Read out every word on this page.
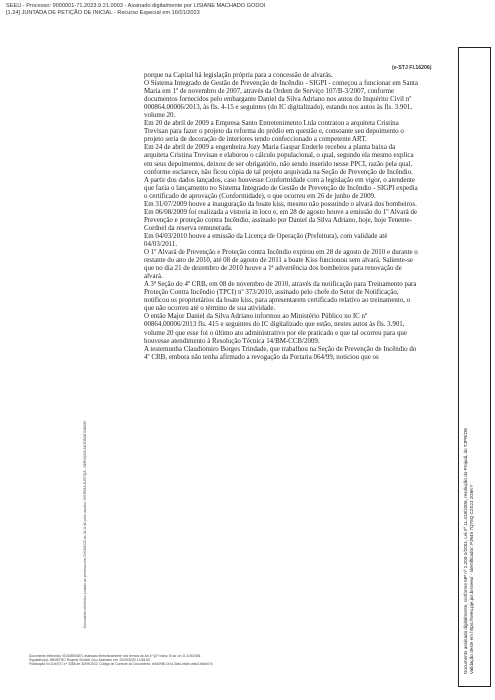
SEEU - Processo: 9000001-71.2023.9.21.0003 - Assinado digitalmente por LISIANE MACHADO GODOI
[1.24] JUNTADA DE PETIÇÃO DE INICIAL - Recurso Especial em 16/01/2023
(e-STJ Fl.16206)

porque na Capital há legislação própria para a concessão de alvarás.

O Sistema Integrado de Gestão de Prevenção de Incêndio - SIGPI - começou a funcionar em Santa Maria em 1º de novembro de 2007, através da Ordem de Serviço 107/B-3/2007, conforme documentos fornecidos pelo embargante Daniel da Silva Adriano nos autos do Inquérito Civil nº 000864.00006/2013, às fls. 4-15 e seguintes (do IC digitalizado), estando nos autos às fls. 3.901, volume 20.

Em 20 de abril de 2009 a Empresa Santo Entretenimento Ltda contratou a arquiteta Cristina Trevisan para fazer o projeto da reforma do prédio em questão e, consoante seu depoimento o projeto seria de decoração de interiores tendo confeccionado a competente ART.

Em 24 de abril de 2009 a engenheira Jozy Maria Gaspar Enderle recebeu a planta baixa da arquiteta Cristina Trevisan e elaborou o cálculo populacional, o qual, segundo ela mesmo explica em seus depoimentos, deixou de ser obrigatório, não sendo inserido nesse PPCI, razão pela qual, conforme esclarece, não ficou cópia de tal projeto arquivada na Seção de Prevenção de Incêndio.

A partir dos dados lançados, caso houvesse Conformidade com a legislação em vigor, o atendente que fazia o lançamento no Sistema Integrado de Gestão de Prevenção de Incêndio - SIGPI expedia o certificado de aprovação (Conformidade), o que ocorreu em 26 de junho de 2009.

Em 31/07/2009 houve a inauguração da boate kiss, mesmo não possuindo o alvará dos bombeiros.

Em 06/08/2009 foi realizada a vistoria in loco e, em 28 de agosto houve a emissão do 1º Alvará de Prevenção e proteção contra Incêndio, assinado por Daniel da Silva Adriano, hoje, hoje Tenente-Cordnel da reserva remunerada.

Em 04/03/2010 houve a emissão da Licença de Operação (Prefeitura), com validade até 04/03/2011.

O 1º Alvará de Prevenção e Proteção contra Incêndio expirou em 28 de agosto de 2010 e durante o restante do ano de 2010, até 08 de agosto de 2011 a boate Kiss funcionou sem alvará. Saliente-se que no dia 21 de dezembro de 2010 houve a 1ª advertência dos bombeiros para renovação de alvará.

A 3ª Seção do 4º CRB, em 08 de novembro de 2010, através da notificação para Treinamento para Proteção Contra Incêndio (TPCI) nº 373/2010, assinado pelo chefe do Setor de Notificação, notificou os proprietários da boate kiss, para apresentarem certificado relativo ao treinamento, o que não ocorreu até o término de sua atividade.

O então Major Daniel da Silva Adriano informou ao Ministério Público no IC nº 00864.00006/2013 fls. 415 e seguintes do IC digitalizado que estão, nestes autos às fls. 3.901, volume 20 que esse foi o último ato administrativo por ele praticado e que tal ocorreu para que houvesse atendimento à Resolução Técnica 14/BM-CCB/2009.

A testemunha Claudiomiro Borges Trindade, que trabalhou na Seção de Prevenção de Incêndio do 4º CRB, embora não tenha afirmado a revogação da Portaria 064/99, noticiou que os

Documento eletrônico juntado ao processo em 20/09/2022 às 16:11:40 pelo usuário: SISTEMA JUSTIÇA - SERVIÇOS AUTOMATIZADOS	Documento assinado digitalmente, conforme MP nº 2.200-2/2001, Lei nº 11.419/2006, resolução do Projudi, do TJPR/OE Validação deste em https://seeu.pje.jus.br/seeu/ - Identificador: PJ645 7Q75Q C2S2J 2G6KY
Documento eletrônico VDA35054871 assinado eletronicamente nos termos do Art.1º §2º inciso III da Lei 11.419/2006
Signatário(a): MINISTRO Rogerio Schietti Cruz Assinado em: 20/09/2022 14:55:53
Publicação no DJe/STJ nº 3488 de 30/09/2022. Código de Controle do Documento: cf4d09f8-7a74-4ab1-b6de-cbdc1b4db07b
